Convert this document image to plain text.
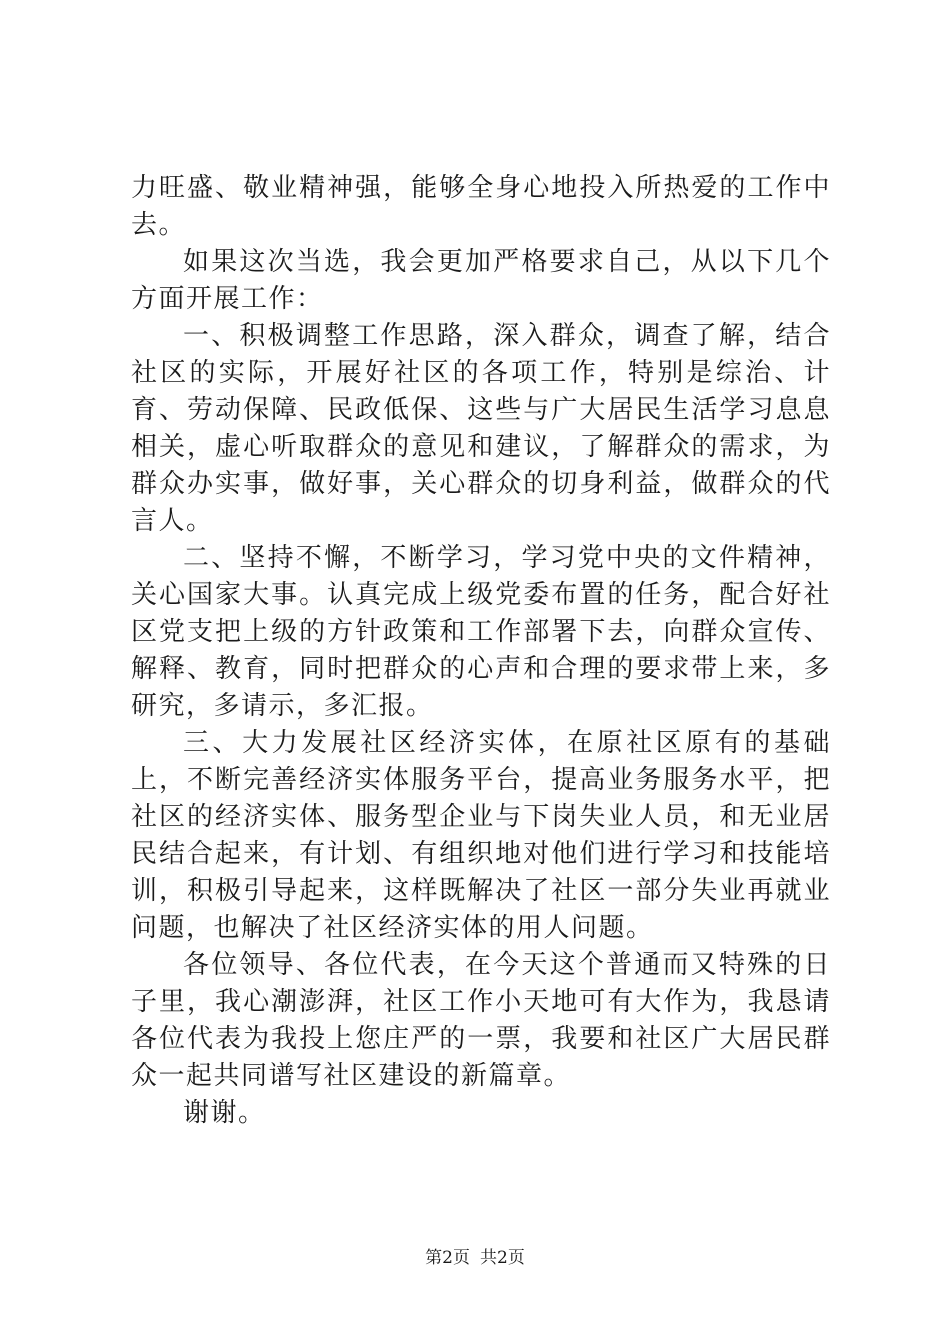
力旺盛、敬业精神强，能够全身心地投入所热爱的工作中去。

如果这次当选，我会更加严格要求自己，从以下几个方面开展工作：

一、积极调整工作思路，深入群众，调查了解，结合社区的实际，开展好社区的各项工作，特别是综治、计育、劳动保障、民政低保、这些与广大居民生活学习息息相关，虚心听取群众的意见和建议，了解群众的需求，为群众办实事，做好事，关心群众的切身利益，做群众的代言人。

二、坚持不懈，不断学习，学习党中央的文件精神，关心国家大事。认真完成上级党委布置的任务，配合好社区党支把上级的方针政策和工作部署下去，向群众宣传、解释、教育，同时把群众的心声和合理的要求带上来，多研究，多请示，多汇报。

三、大力发展社区经济实体，在原社区原有的基础上，不断完善经济实体服务平台，提高业务服务水平，把社区的经济实体、服务型企业与下岗失业人员，和无业居民结合起来，有计划、有组织地对他们进行学习和技能培训，积极引导起来，这样既解决了社区一部分失业再就业问题，也解决了社区经济实体的用人问题。

各位领导、各位代表，在今天这个普通而又特殊的日子里，我心潮澎湃，社区工作小天地可有大作为，我恳请各位代表为我投上您庄严的一票，我要和社区广大居民群众一起共同谱写社区建设的新篇章。

谢谢。

第2页 共2页
